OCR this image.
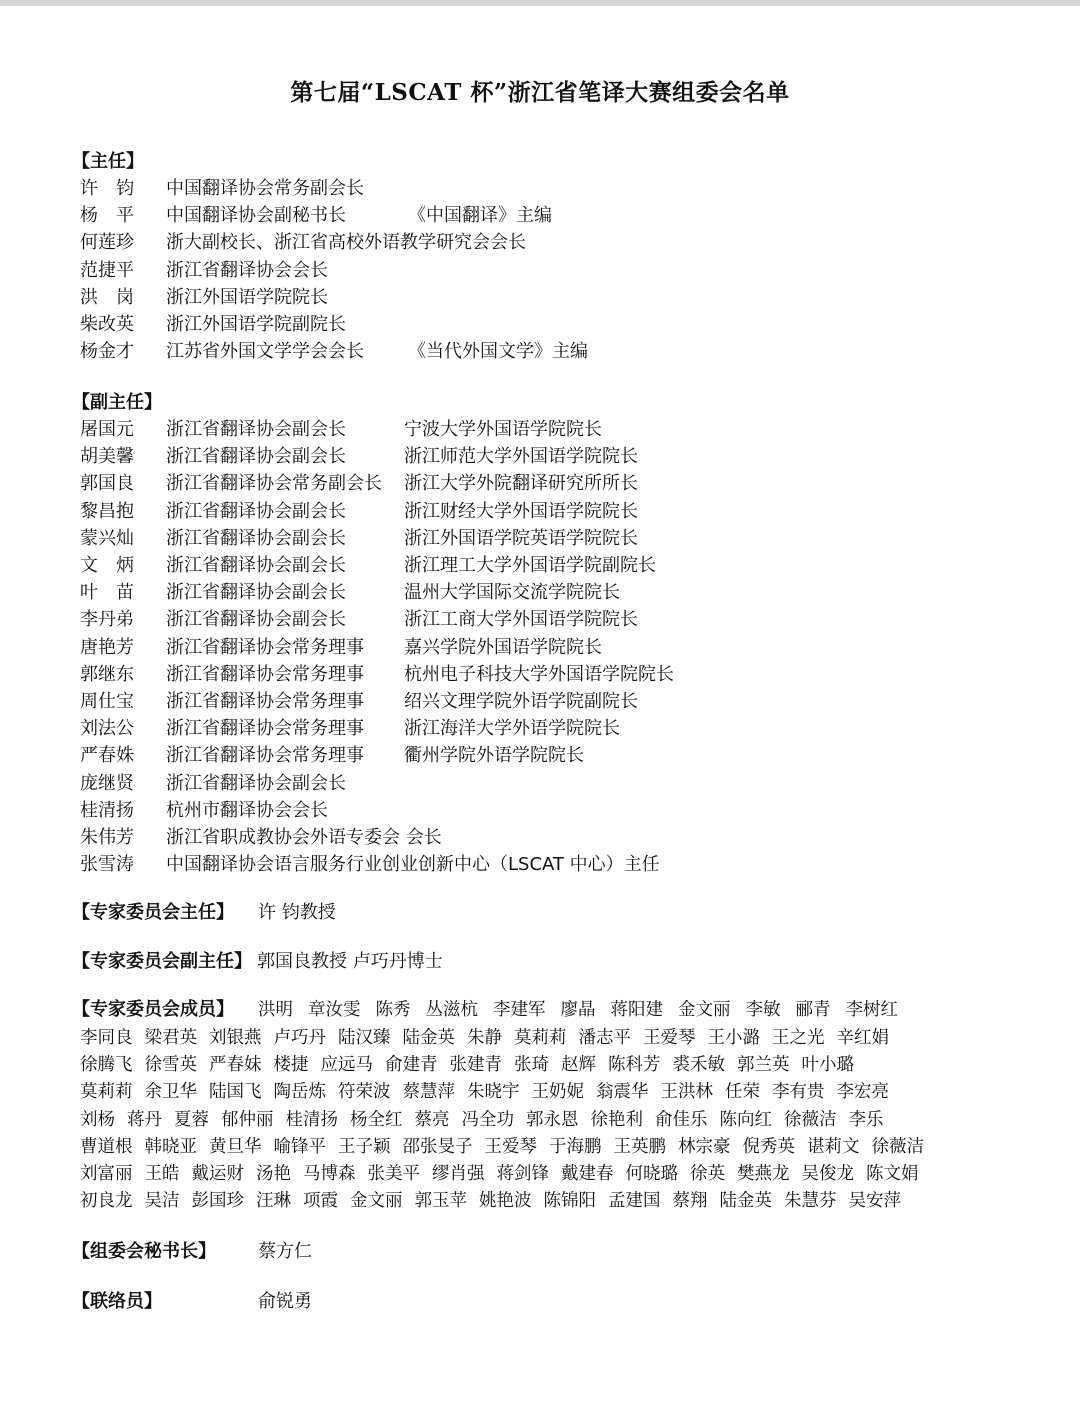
第七届“LSCAT 杯”浙江省笔译大赛组委会名单
【主任】
许　钧 中国翻译协会常务副会长
杨　平 中国翻译协会副秘书长	《中国翻译》主编
何莲珍 浙大副校长、浙江省高校外语教学研究会会长
范捷平 浙江省翻译协会会长
洪　岗 浙江外国语学院院长
柴改英 浙江外国语学院副院长
杨金才 江苏省外国文学学会会长 《当代外国文学》主编
【副主任】
屠国元 浙江省翻译协会副会长	宁波大学外国语学院院长
胡美馨 浙江省翻译协会副会长	浙江师范大学外国语学院院长
郭国良 浙江省翻译协会常务副会长 浙江大学外院翻译研究所所长
黎昌抱 浙江省翻译协会副会长	浙江财经大学外国语学院院长
蒙兴灿 浙江省翻译协会副会长	浙江外国语学院英语学院院长
文　炳 浙江省翻译协会副会长	浙江理工大学外国语学院副院长
叶　苗 浙江省翻译协会副会长	温州大学国际交流学院院长
李丹弟 浙江省翻译协会副会长	浙江工商大学外国语学院院长
唐艳芳 浙江省翻译协会常务理事 嘉兴学院外国语学院院长
郭继东 浙江省翻译协会常务理事 杭州电子科技大学外国语学院院长
周仕宝 浙江省翻译协会常务理事 绍兴文理学院外语学院副院长
刘法公 浙江省翻译协会常务理事 浙江海洋大学外语学院院长
严春姝 浙江省翻译协会常务理事 衢州学院外语学院院长
庞继贤 浙江省翻译协会副会长
桂清扬 杭州市翻译协会会长
朱伟芳 浙江省职成教协会外语专委会 会长
张雪涛 中国翻译协会语言服务行业创业创新中心（LSCAT 中心）主任
【专家委员会主任】 许 钧教授
【专家委员会副主任】 郭国良教授 卢巧丹博士
【专家委员会成员】 洪明 章汝雯 陈秀 丛滋杭 李建军 廖晶 蒋阳建 金文丽 李敏 郦青 李树红
李同良 梁君英 刘银燕 卢巧丹 陆汉臻 陆金英 朱静 莫莉莉 潘志平 王爱琴 王小潞 王之光 辛红娟
徐腾飞 徐雪英 严春妹 楼捷 应远马 俞建青 张建青 张琦 赵辉 陈科芳 裘禾敏 郭兰英 叶小璐
莫莉莉 余卫华 陆国飞 陶岳炼 符荣波 蔡慧萍 朱晓宇 王奶妮 翁震华 王洪林 任荣 李有贵 李宏亮
刘杨 蒋丹 夏蓉 郁仲丽 桂清扬 杨全红 蔡亮 冯全功 郭永恩 徐艳利 俞佳乐 陈向红 徐薇洁 李乐
曹道根 韩晓亚 黄旦华 喻锋平 王子颖 邵张旻子 王爱琴 于海鹏 王英鹏 林宗豪 倪秀英 谌莉文 徐薇洁
刘富丽 王皓 戴运财 汤艳 马博森 张美平 缪肖强 蒋剑锋 戴建春 何晓璐 徐英 樊燕龙 吴俊龙 陈文娟
初良龙 吴洁 彭国珍 汪琳 项霞 金文丽 郭玉苹 姚艳波 陈锦阳 孟建国 蔡翔 陆金英 朱慧芬 吴安萍
【组委会秘书长】 蔡方仁
【联络员】	俞锐勇
